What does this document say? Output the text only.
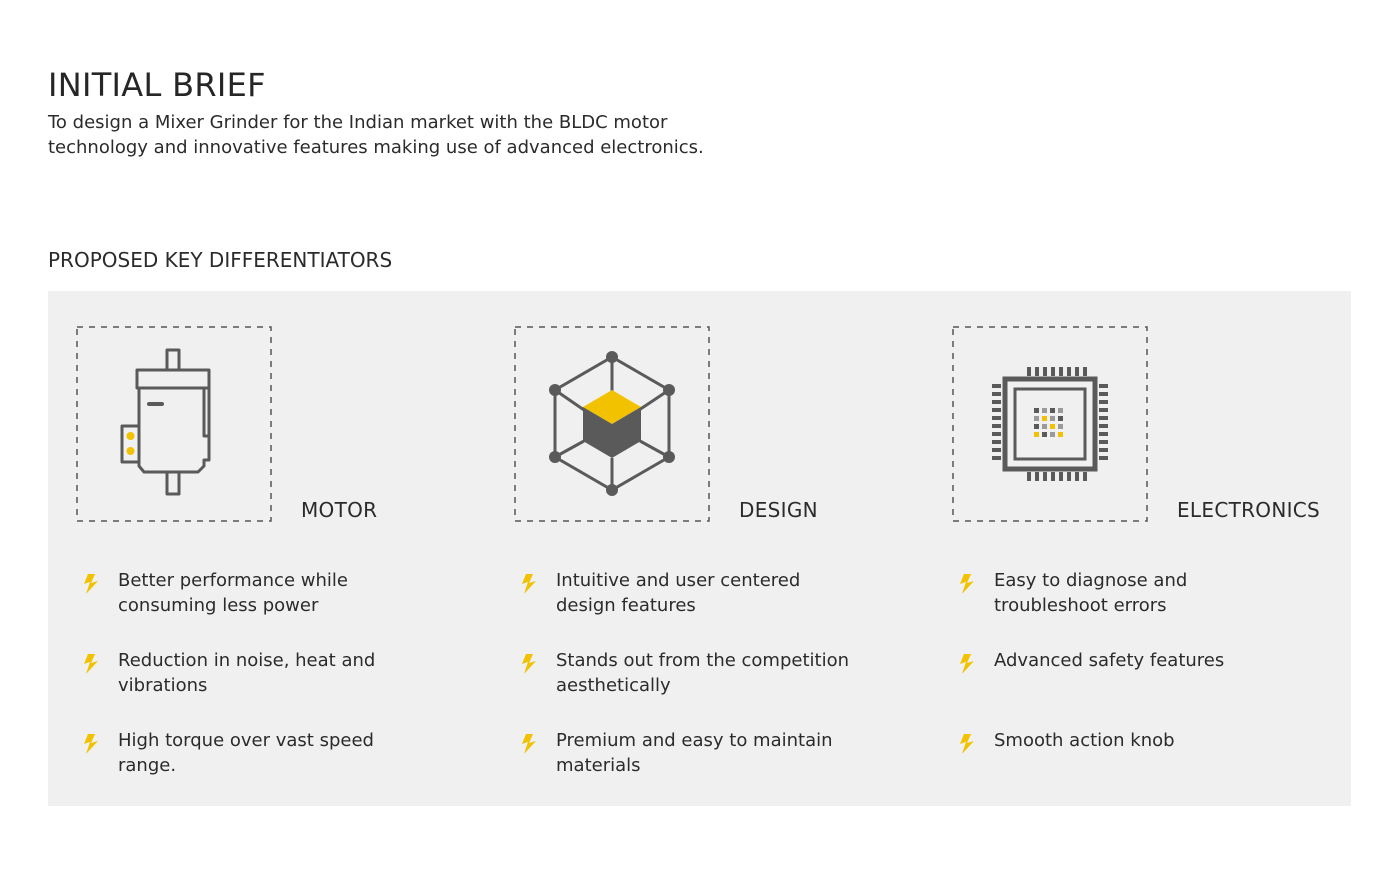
INITIAL BRIEF

To design a Mixer Grinder for the Indian market with the BLDC motor technology and innovative features making use of advanced electronics.

PROPOSED KEY DIFFERENTIATORS
MOTOR
Better performance while consuming less power
Reduction in noise, heat and vibrations
High torque over vast speed range.
DESIGN
Intuitive and user centered design features
Stands out from the competition aesthetically
Premium and easy to maintain materials
ELECTRONICS
Easy to diagnose and troubleshoot errors
Advanced safety features
Smooth action knob
